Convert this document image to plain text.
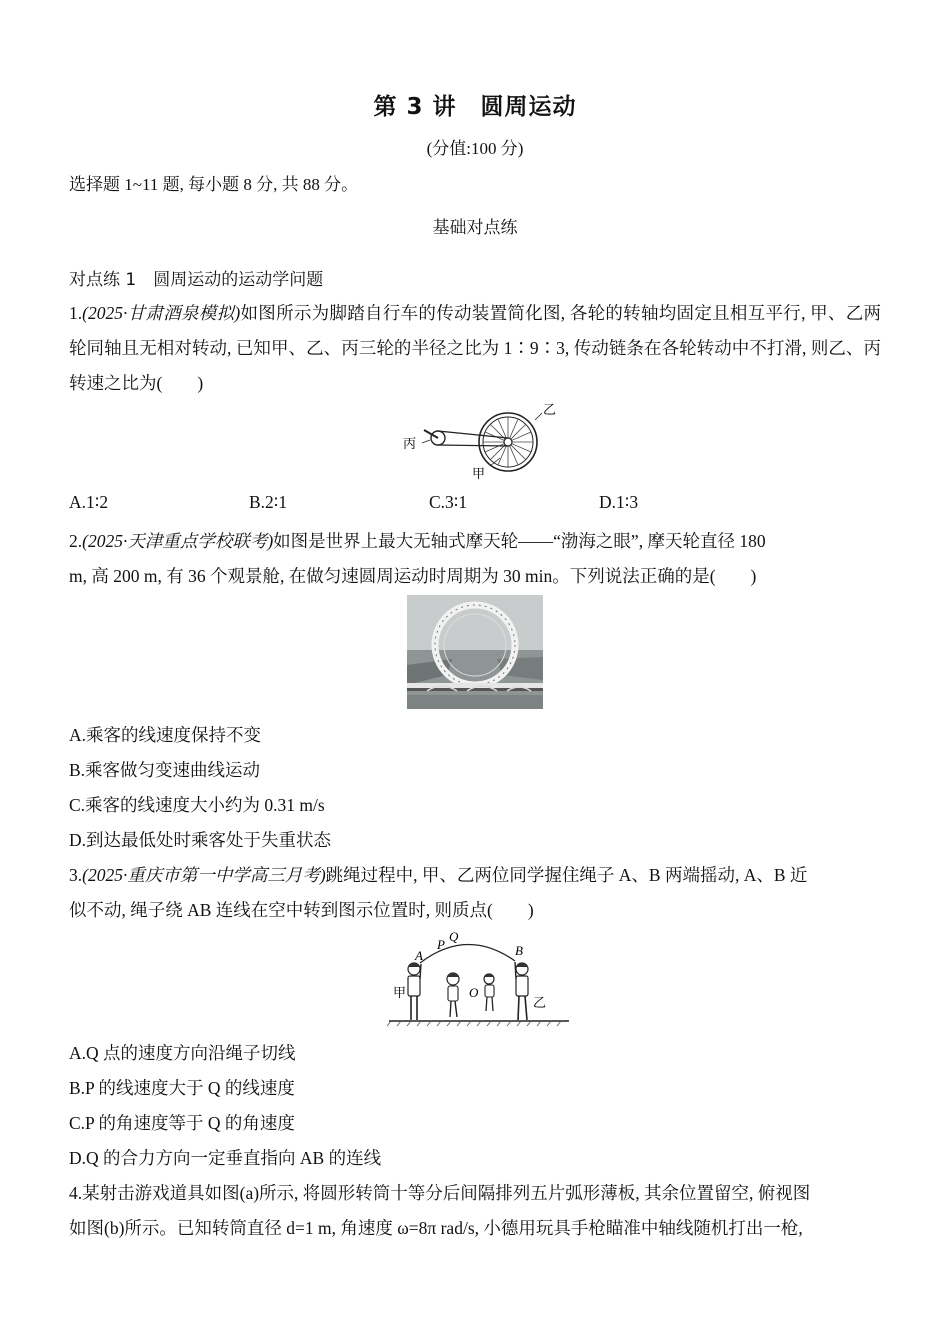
第 3 讲　圆周运动
(分值:100 分)
选择题 1~11 题, 每小题 8 分, 共 88 分。
基础对点练
对点练 1　圆周运动的运动学问题
1.(2025·甘肃酒泉模拟)如图所示为脚踏自行车的传动装置简化图, 各轮的转轴均固定且相互平行, 甲、乙两轮同轴且无相对转动, 已知甲、乙、丙三轮的半径之比为 1∶9∶3, 传动链条在各轮转动中不打滑, 则乙、丙转速之比为(　　)
乙
丙
甲
A.1∶2	B.2∶1	C.3∶1	D.1∶3
2.(2025·天津重点学校联考)如图是世界上最大无轴式摩天轮——“渤海之眼”, 摩天轮直径 180
m, 高 200 m, 有 36 个观景舱, 在做匀速圆周运动时周期为 30 min。下列说法正确的是(　　)
A.乘客的线速度保持不变
B.乘客做匀变速曲线运动
C.乘客的线速度大小约为 0.31 m/s
D.到达最低处时乘客处于失重状态
3.(2025·重庆市第一中学高三月考)跳绳过程中, 甲、乙两位同学握住绳子 A、B 两端摇动, A、B 近
似不动, 绳子绕 AB 连线在空中转到图示位置时, 则质点(　　)
A
P
Q
B
O
甲
乙
A.Q 点的速度方向沿绳子切线
B.P 的线速度大于 Q 的线速度
C.P 的角速度等于 Q 的角速度
D.Q 的合力方向一定垂直指向 AB 的连线
4.某射击游戏道具如图(a)所示, 将圆形转筒十等分后间隔排列五片弧形薄板, 其余位置留空, 俯视图
如图(b)所示。已知转筒直径 d=1 m, 角速度 ω=8π rad/s, 小德用玩具手枪瞄准中轴线随机打出一枪,
